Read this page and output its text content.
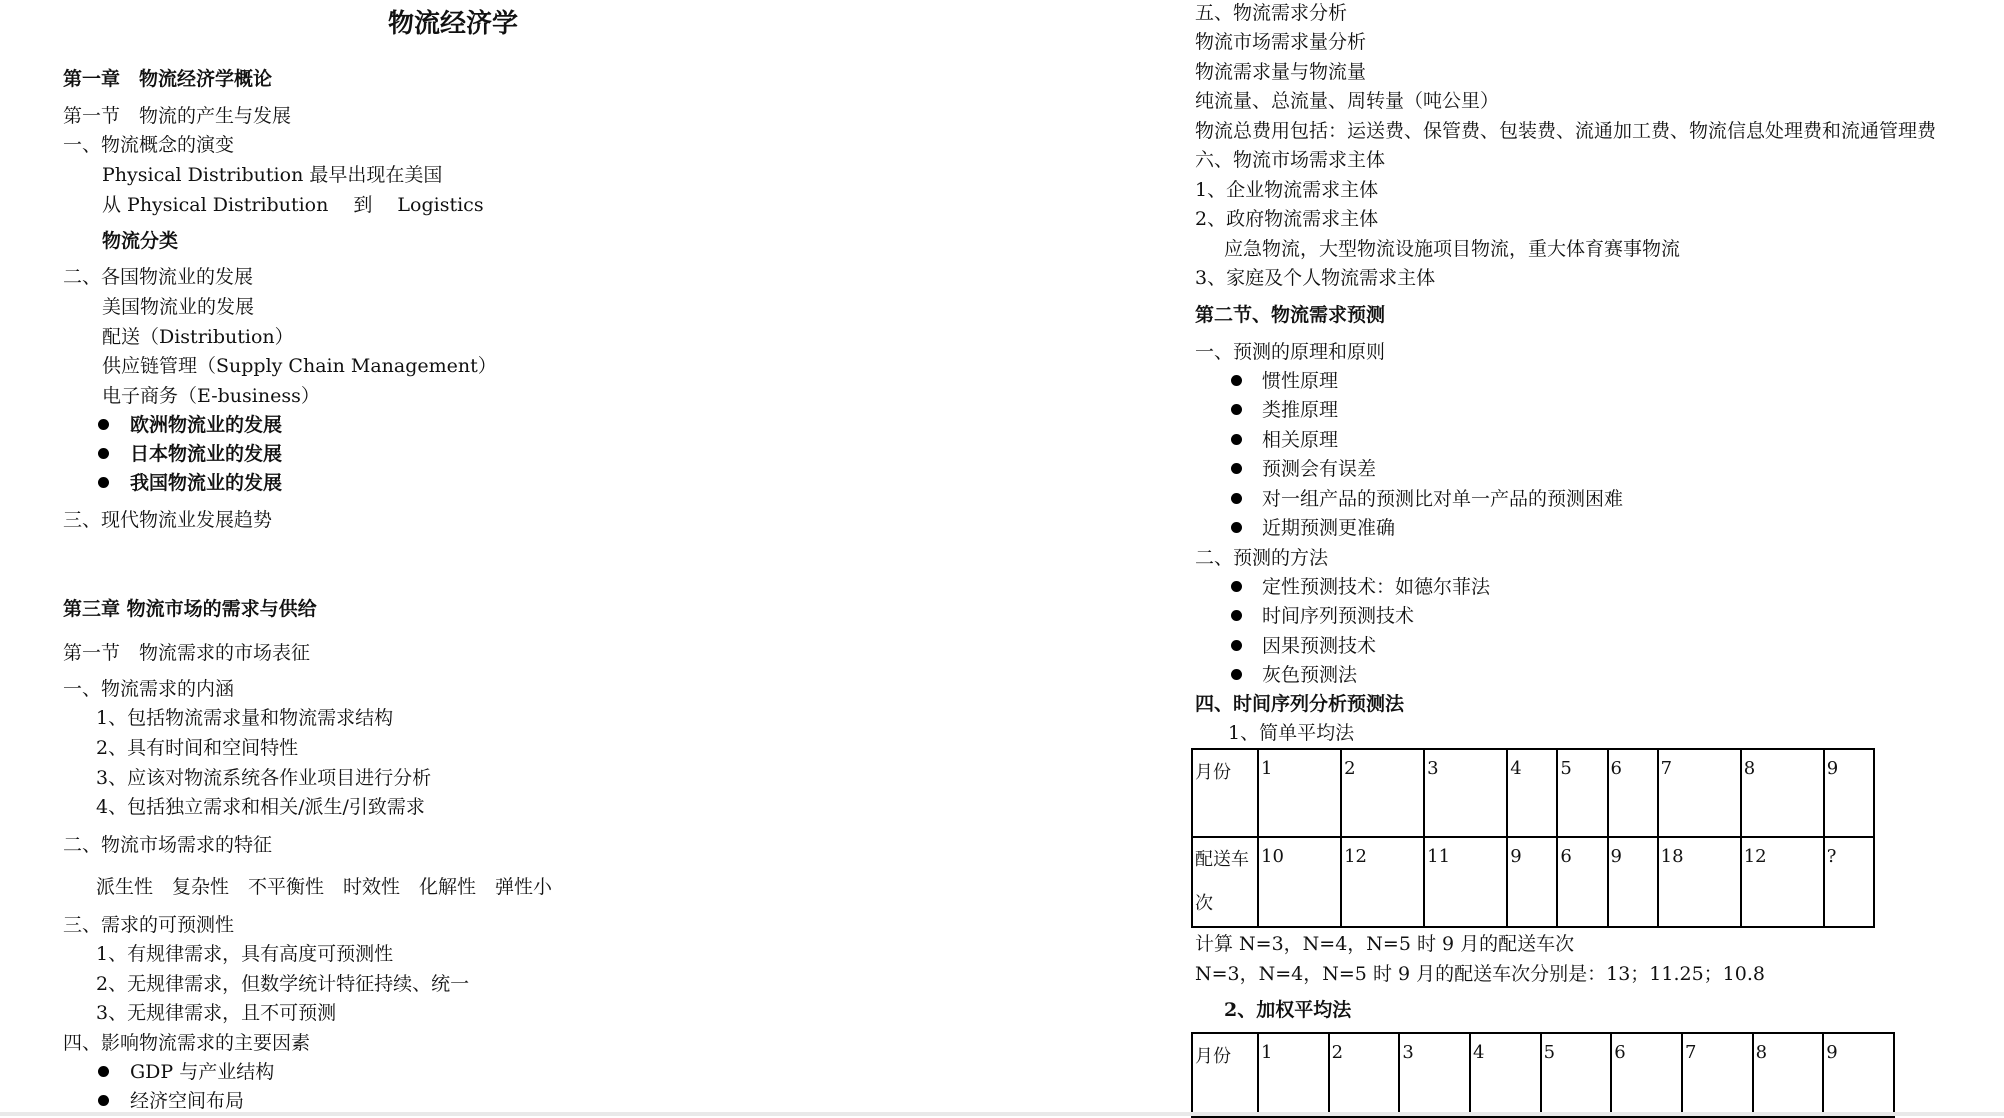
物流经济学
第一章　物流经济学概论
第一节　物流的产生与发展
一、物流概念的演变
Physical Distribution 最早出现在美国
从 Physical Distribution　 到　 Logistics
物流分类
二、各国物流业的发展
美国物流业的发展
配送（Distribution）
供应链管理（Supply Chain Management）
电子商务（E-business）
欧洲物流业的发展
日本物流业的发展
我国物流业的发展
三、现代物流业发展趋势
第三章 物流市场的需求与供给
第一节　物流需求的市场表征
一、物流需求的内涵
1、包括物流需求量和物流需求结构
2、具有时间和空间特性
3、应该对物流系统各作业项目进行分析
4、包括独立需求和相关/派生/引致需求
二、物流市场需求的特征
派生性　复杂性　不平衡性　时效性　化解性　弹性小
三、需求的可预测性
1、有规律需求，具有高度可预测性
2、无规律需求，但数学统计特征持续、统一
3、无规律需求，且不可预测
四、影响物流需求的主要因素
GDP 与产业结构
经济空间布局
五、物流需求分析
物流市场需求量分析
物流需求量与物流量
纯流量、总流量、周转量（吨公里）
物流总费用包括：运送费、保管费、包装费、流通加工费、物流信息处理费和流通管理费
六、物流市场需求主体
1、企业物流需求主体
2、政府物流需求主体
应急物流，大型物流设施项目物流，重大体育赛事物流
3、家庭及个人物流需求主体
第二节、物流需求预测
一、预测的原理和原则
惯性原理
类推原理
相关原理
预测会有误差
对一组产品的预测比对单一产品的预测困难
近期预测更准确
二、预测的方法
定性预测技术：如德尔菲法
时间序列预测技术
因果预测技术
灰色预测法
四、时间序列分析预测法
1、简单平均法
月份	1	2	3	4	5	6	7	8	9
配送车次	10	12	11	9	6	9	18	12	?
计算 N=3，N=4，N=5 时 9 月的配送车次
N=3，N=4，N=5 时 9 月的配送车次分别是：13；11.25；10.8
2、加权平均法
月份	1	2	3	4	5	6	7	8	9
